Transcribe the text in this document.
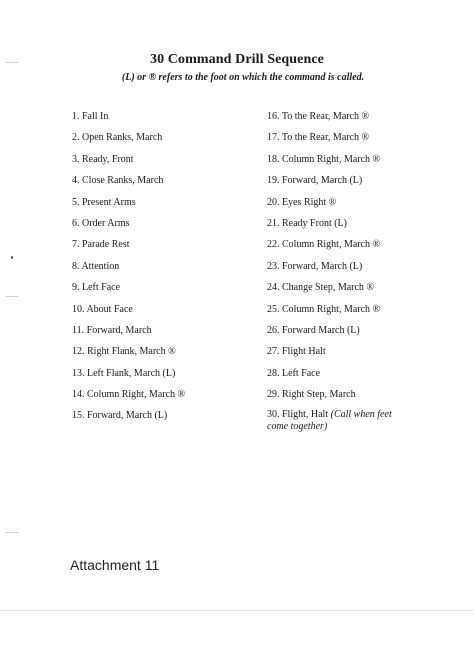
30 Command Drill Sequence
(L) or ® refers to the foot on which the command is called.
1. Fall In
2. Open Ranks, March
3. Ready, Front
4. Close Ranks, March
5. Present Arms
6. Order Arms
7. Parade Rest
8. Attention
9. Left Face
10. About Face
11. Forward, March
12. Right Flank, March ®
13. Left Flank, March (L)
14. Column Right, March ®
15. Forward, March (L)
16. To the Rear, March ®
17. To the Rear, March ®
18. Column Right, March ®
19. Forward, March (L)
20. Eyes Right ®
21. Ready Front (L)
22. Column Right, March ®
23. Forward, March (L)
24. Change Step, March ®
25. Column Right, March ®
26. Forward March (L)
27. Flight Halt
28. Left Face
29. Right Step, March
30. Flight, Halt (Call when feet come together)
Attachment 11
